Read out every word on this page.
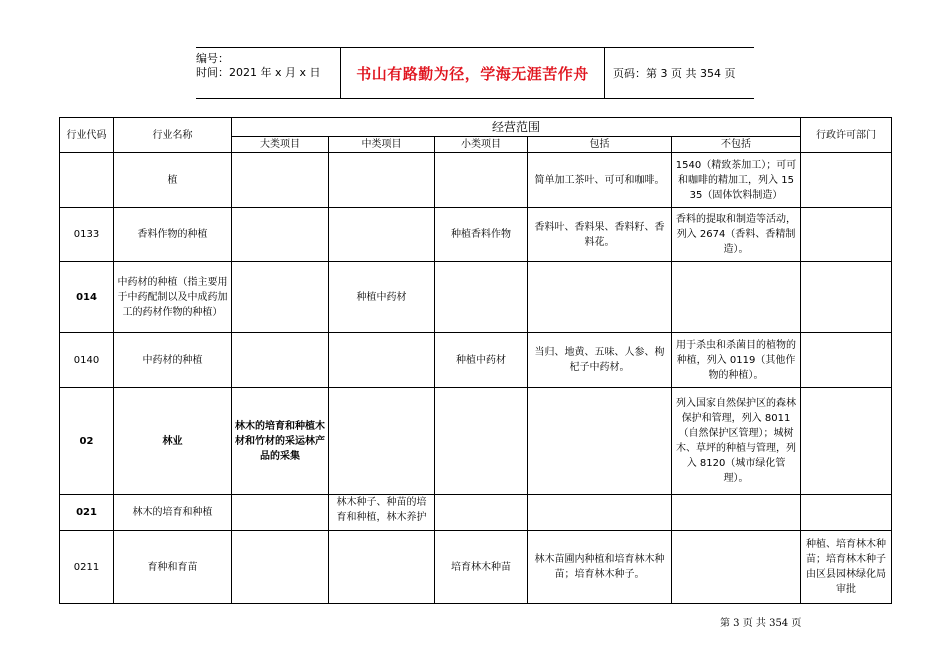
编号：
时间：2021 年 x 月 x 日	书山有路勤为径，学海无涯苦作舟	页码：第 3 页 共 354 页
行业代码	行业名称	经营范围					行政许可部门
		大类项目	中类项目	小类项目	包括	不包括	
	植				简单加工茶叶、可可和咖啡。	1540（精致茶加工）；可可和咖啡的精加工，列入 1535（固体饮料制造）	
0133	香料作物的种植			种植香料作物	香料叶、香料果、香料籽、香料花。	香料的提取和制造等活动，列入 2674（香料、香精制造）。	
014	中药材的种植（指主要用于中药配制以及中成药加工的药材作物的种植）		种植中药材				
0140	中药材的种植			种植中药材	当归、地黄、五味、人参、枸杞子中药材。	用于杀虫和杀菌目的植物的种植，列入 0119（其他作物的种植）。	
02	林业	林木的培育和种植木材和竹材的采运林产品的采集				列入国家自然保护区的森林保护和管理，列入 8011（自然保护区管理）；城树木、草坪的种植与管理，列入 8120（城市绿化管理）。	
021	林木的培育和种植		林木种子、种苗的培育和种植，林木养护				
0211	育种和育苗			培育林木种苗	林木苗圃内种植和培育林木种苗；培育林木种子。		种植、培育林木种苗；培育林木种子由区县园林绿化局审批
第 3 页 共 354 页
